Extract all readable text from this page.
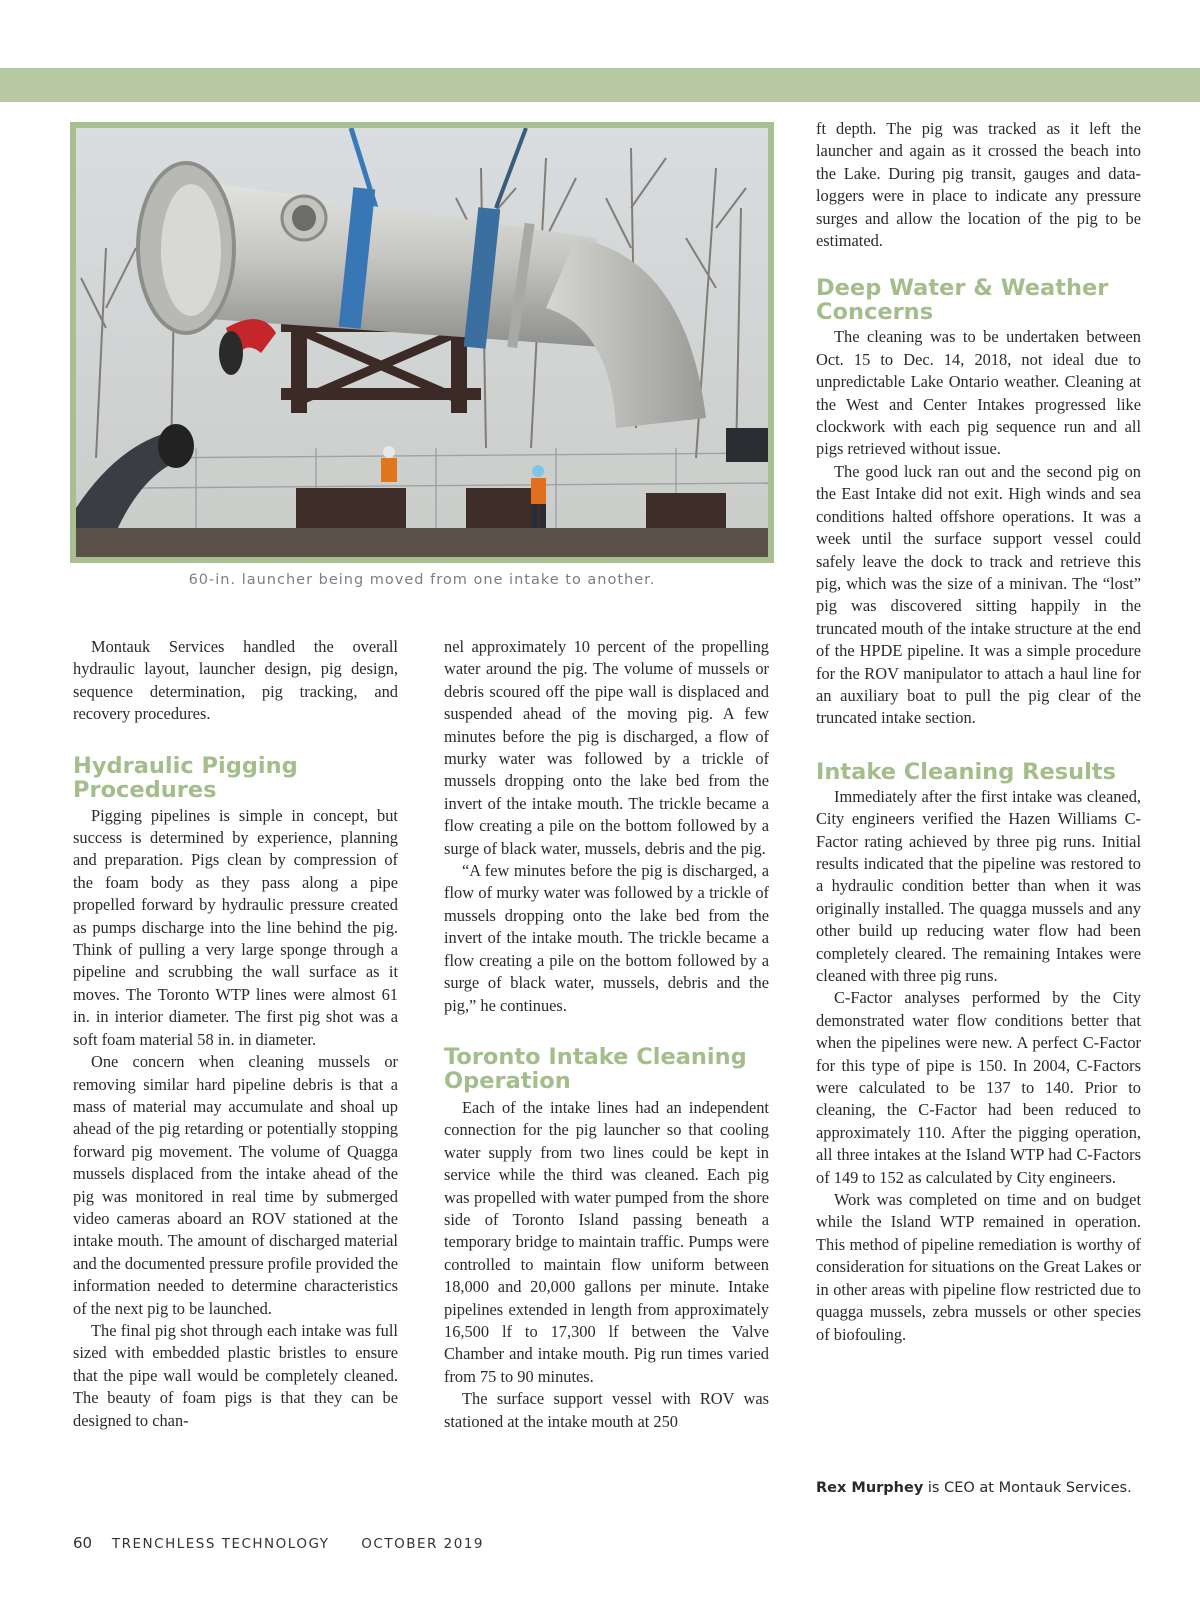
60-in. launcher being moved from one intake to another.

Montauk Services handled the overall hydraulic layout, launcher design, pig design, sequence determination, pig tracking, and recovery procedures.

Hydraulic Pigging Procedures

Pigging pipelines is simple in concept, but success is determined by experience, planning and preparation. Pigs clean by compression of the foam body as they pass along a pipe propelled forward by hydraulic pressure created as pumps discharge into the line behind the pig. Think of pulling a very large sponge through a pipeline and scrubbing the wall surface as it moves. The Toronto WTP lines were almost 61 in. in interior diameter. The first pig shot was a soft foam material 58 in. in diameter.

One concern when cleaning mussels or removing similar hard pipeline debris is that a mass of material may accumulate and shoal up ahead of the pig retarding or potentially stopping forward pig movement. The volume of Quagga mussels displaced from the intake ahead of the pig was monitored in real time by submerged video cameras aboard an ROV stationed at the intake mouth. The amount of discharged material and the documented pressure profile provided the information needed to determine characteristics of the next pig to be launched.

The final pig shot through each intake was full sized with embedded plastic bristles to ensure that the pipe wall would be completely cleaned. The beauty of foam pigs is that they can be designed to chan-

nel approximately 10 percent of the propelling water around the pig. The volume of mussels or debris scoured off the pipe wall is displaced and suspended ahead of the moving pig. A few minutes before the pig is discharged, a flow of murky water was followed by a trickle of mussels dropping onto the lake bed from the invert of the intake mouth. The trickle became a flow creating a pile on the bottom followed by a surge of black water, mussels, debris and the pig.

“A few minutes before the pig is discharged, a flow of murky water was followed by a trickle of mussels dropping onto the lake bed from the invert of the intake mouth. The trickle became a flow creating a pile on the bottom followed by a surge of black water, mussels, debris and the pig,” he continues.

Toronto Intake Cleaning Operation

Each of the intake lines had an independent connection for the pig launcher so that cooling water supply from two lines could be kept in service while the third was cleaned. Each pig was propelled with water pumped from the shore side of Toronto Island passing beneath a temporary bridge to maintain traffic. Pumps were controlled to maintain flow uniform between 18,000 and 20,000 gallons per minute. Intake pipelines extended in length from approximately 16,500 lf to 17,300 lf between the Valve Chamber and intake mouth. Pig run times varied from 75 to 90 minutes.

The surface support vessel with ROV was stationed at the intake mouth at 250

ft depth. The pig was tracked as it left the launcher and again as it crossed the beach into the Lake. During pig transit, gauges and data-loggers were in place to indicate any pressure surges and allow the location of the pig to be estimated.

Deep Water & Weather Concerns

The cleaning was to be undertaken between Oct. 15 to Dec. 14, 2018, not ideal due to unpredictable Lake Ontario weather. Cleaning at the West and Center Intakes progressed like clockwork with each pig sequence run and all pigs retrieved without issue.

The good luck ran out and the second pig on the East Intake did not exit. High winds and sea conditions halted offshore operations. It was a week until the surface support vessel could safely leave the dock to track and retrieve this pig, which was the size of a minivan. The “lost” pig was discovered sitting happily in the truncated mouth of the intake structure at the end of the HPDE pipeline. It was a simple procedure for the ROV manipulator to attach a haul line for an auxiliary boat to pull the pig clear of the truncated intake section.

Intake Cleaning Results

Immediately after the first intake was cleaned, City engineers verified the Hazen Williams C-Factor rating achieved by three pig runs. Initial results indicated that the pipeline was restored to a hydraulic condition better than when it was originally installed. The quagga mussels and any other build up reducing water flow had been completely cleared. The remaining Intakes were cleaned with three pig runs.

C-Factor analyses performed by the City demonstrated water flow conditions better that when the pipelines were new. A perfect C-Factor for this type of pipe is 150. In 2004, C-Factors were calculated to be 137 to 140. Prior to cleaning, the C-Factor had been reduced to approximately 110. After the pigging operation, all three intakes at the Island WTP had C-Factors of 149 to 152 as calculated by City engineers.

Work was completed on time and on budget while the Island WTP remained in operation. This method of pipeline remediation is worthy of consideration for situations on the Great Lakes or in other areas with pipeline flow restricted due to quagga mussels, zebra mussels or other species of biofouling.

Rex Murphey is CEO at Montauk Services.
60 TRENCHLESS TECHNOLOGY OCTOBER 2019
